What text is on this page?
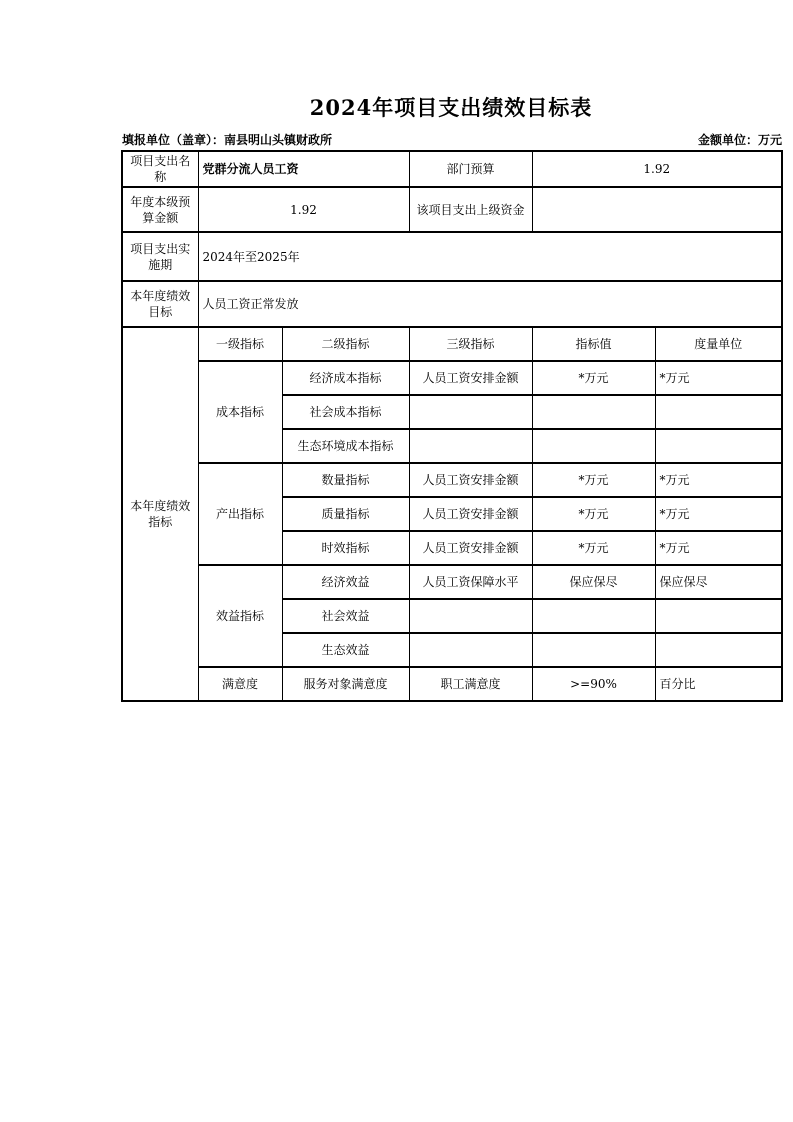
2024年项目支出绩效目标表
填报单位（盖章）：南县明山头镇财政所	金额单位：万元
项目支出名称	党群分流人员工资		部门预算	1.92	
年度本级预算金额	1.92		该项目支出上级资金		
项目支出实施期	2024年至2025年				
本年度绩效目标	人员工资正常发放				
本年度绩效指标	一级指标	二级指标	三级指标	指标值	度量单位
	成本指标	经济成本指标	人员工资安排金额	*万元	*万元
		社会成本指标			
		生态环境成本指标			
	产出指标	数量指标	人员工资安排金额	*万元	*万元
		质量指标	人员工资安排金额	*万元	*万元
		时效指标	人员工资安排金额	*万元	*万元
	效益指标	经济效益	人员工资保障水平	保应保尽	保应保尽
		社会效益			
		生态效益			
	满意度	服务对象满意度	职工满意度	>=90%	百分比
